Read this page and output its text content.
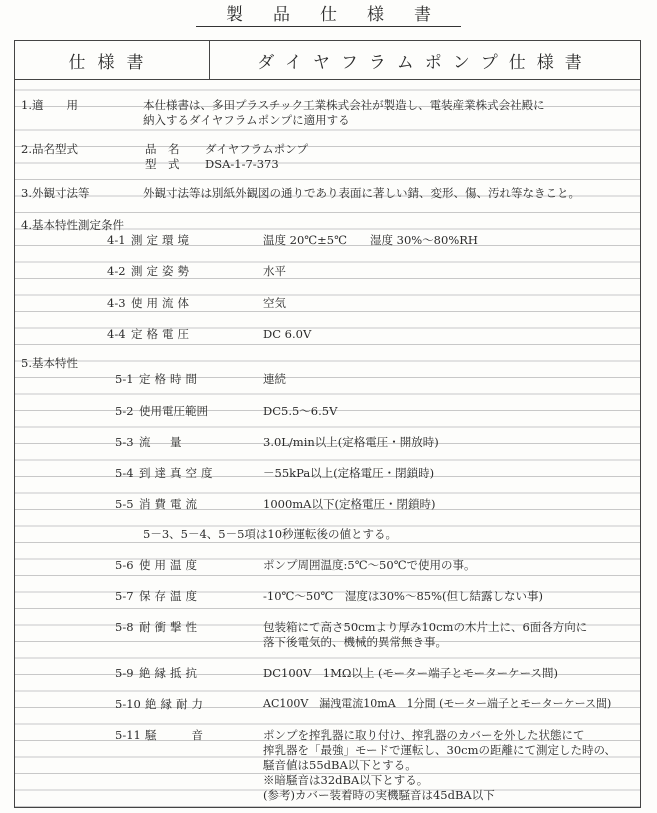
製品仕様書
仕様書	ダイヤフラムポンプ仕様書
1.適　　用	本仕様書は、多田プラスチック工業株式会社が製造し、電装産業株式会社殿に
納入するダイヤフラムポンプに適用する
2.品名型式	品　名 ダイヤフラムポンプ
型　式 DSA-1-7-373
3.外観寸法等	外観寸法等は別紙外観図の通りであり表面に著しい錆、変形、傷、汚れ等なきこと。
4.基本特性測定条件
4-1 測定環境	温度 20℃±5℃　　湿度 30%～80%RH
4-2 測定姿勢	水平
4-3 使用流体	空気
4-4 定格電圧	DC 6.0V
5.基本特性
5-1 定格時間	連続
5-2 使用電圧範囲	DC5.5～6.5V
5-3 流　量	3.0L/min以上(定格電圧・開放時)
5-4 到達真空度	－55kPa以上(定格電圧・閉鎖時)
5-5 消費電流	1000mA以下(定格電圧・閉鎖時)
5－3、5－4、5－5項は10秒運転後の値とする。
5-6 使用温度	ポンプ周囲温度:5℃～50℃で使用の事。
5-7 保存温度	-10℃～50℃　湿度は30%～85%(但し結露しない事)
5-8 耐衝撃性	包装箱にて高さ50cmより厚み10cmの木片上に、6面各方向に
落下後電気的、機械的異常無き事。
5-9 絶縁抵抗	DC100V　1MΩ以上 (モーター端子とモーターケース間)
5-10 絶縁耐力	AC100V　漏洩電流10mA　1分間 (モーター端子とモーターケース間)
5-11 騒　　音	ポンプを搾乳器に取り付け、搾乳器のカバーを外した状態にて
搾乳器を「最強」モードで運転し、30cmの距離にて測定した時の、
騒音値は55dBA以下とする。
※暗騒音は32dBA以下とする。
(参考)カバー装着時の実機騒音は45dBA以下
